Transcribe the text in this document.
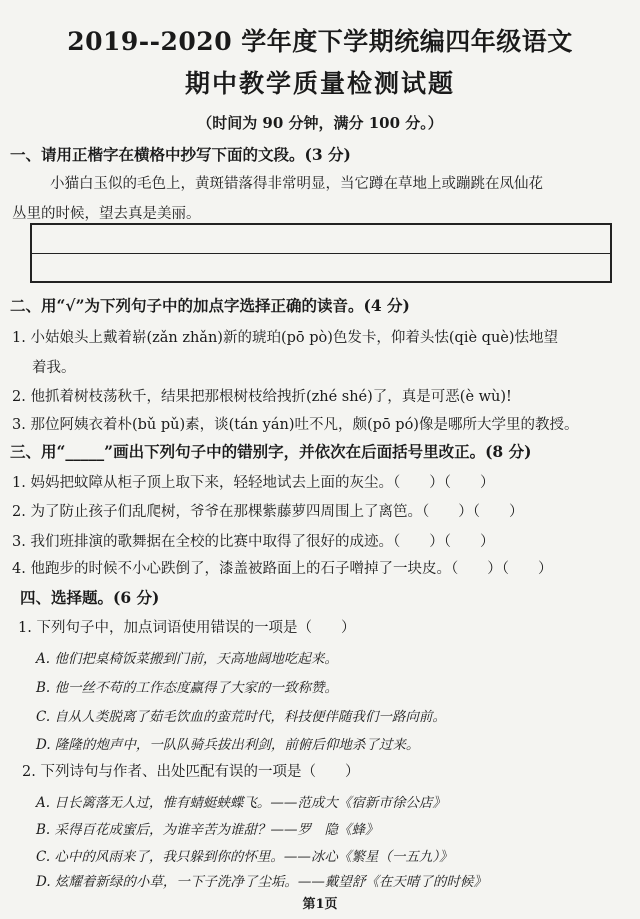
2019--2020 学年度下学期统编四年级语文
期中教学质量检测试题
（时间为 90 分钟，满分 100 分。）
一、请用正楷字在横格中抄写下面的文段。(3 分)
小猫白玉似的毛色上，黄斑错落得非常明显，当它蹲在草地上或蹦跳在凤仙花
丛里的时候，望去真是美丽。
二、用“√”为下列句子中的加点字选择正确的读音。(4 分)
1. 小姑娘头上戴着崭(zǎn zhǎn)新的琥珀(pō pò)色发卡，仰着头怯(qiè què)怯地望
着我。
2. 他抓着树枝荡秋千，结果把那根树枝给拽折(zhé shé)了，真是可恶(è wù)!
3. 那位阿姨衣着朴(bǔ pǔ)素，谈(tán yán)吐不凡，颇(pō pó)像是哪所大学里的教授。
三、用“_____”画出下列句子中的错别字，并依次在后面括号里改正。(8 分)
1. 妈妈把蚊障从柜子顶上取下来，轻轻地试去上面的灰尘。（　　）（　　）
2. 为了防止孩子们乱爬树，爷爷在那棵紫藤萝四周围上了离笆。（　　）（　　）
3. 我们班排演的歌舞据在全校的比赛中取得了很好的成迹。（　　）（　　）
4. 他跑步的时候不小心跌倒了，漆盖被路面上的石子噌掉了一块皮。（　　）（　　）
四、选择题。(6 分)
1. 下列句子中，加点词语使用错误的一项是（　　）
A. 他们把桌椅饭菜搬到门前，天高地阔地吃起来。
B. 他一丝不苟的工作态度赢得了大家的一致称赞。
C. 自从人类脱离了茹毛饮血的蛮荒时代，科技便伴随我们一路向前。
D. 隆隆的炮声中，一队队骑兵拔出利剑，前俯后仰地杀了过来。
2. 下列诗句与作者、出处匹配有误的一项是（　　）
A. 日长篱落无人过，惟有蜻蜓蛱蝶飞。——范成大《宿新市徐公店》
B. 采得百花成蜜后，为谁辛苦为谁甜？——罗　隐《蜂》
C. 心中的风雨来了，我只躲到你的怀里。——冰心《繁星（一五九）》
D. 炫耀着新绿的小草，一下子洗净了尘垢。——戴望舒《在天晴了的时候》
第1页
